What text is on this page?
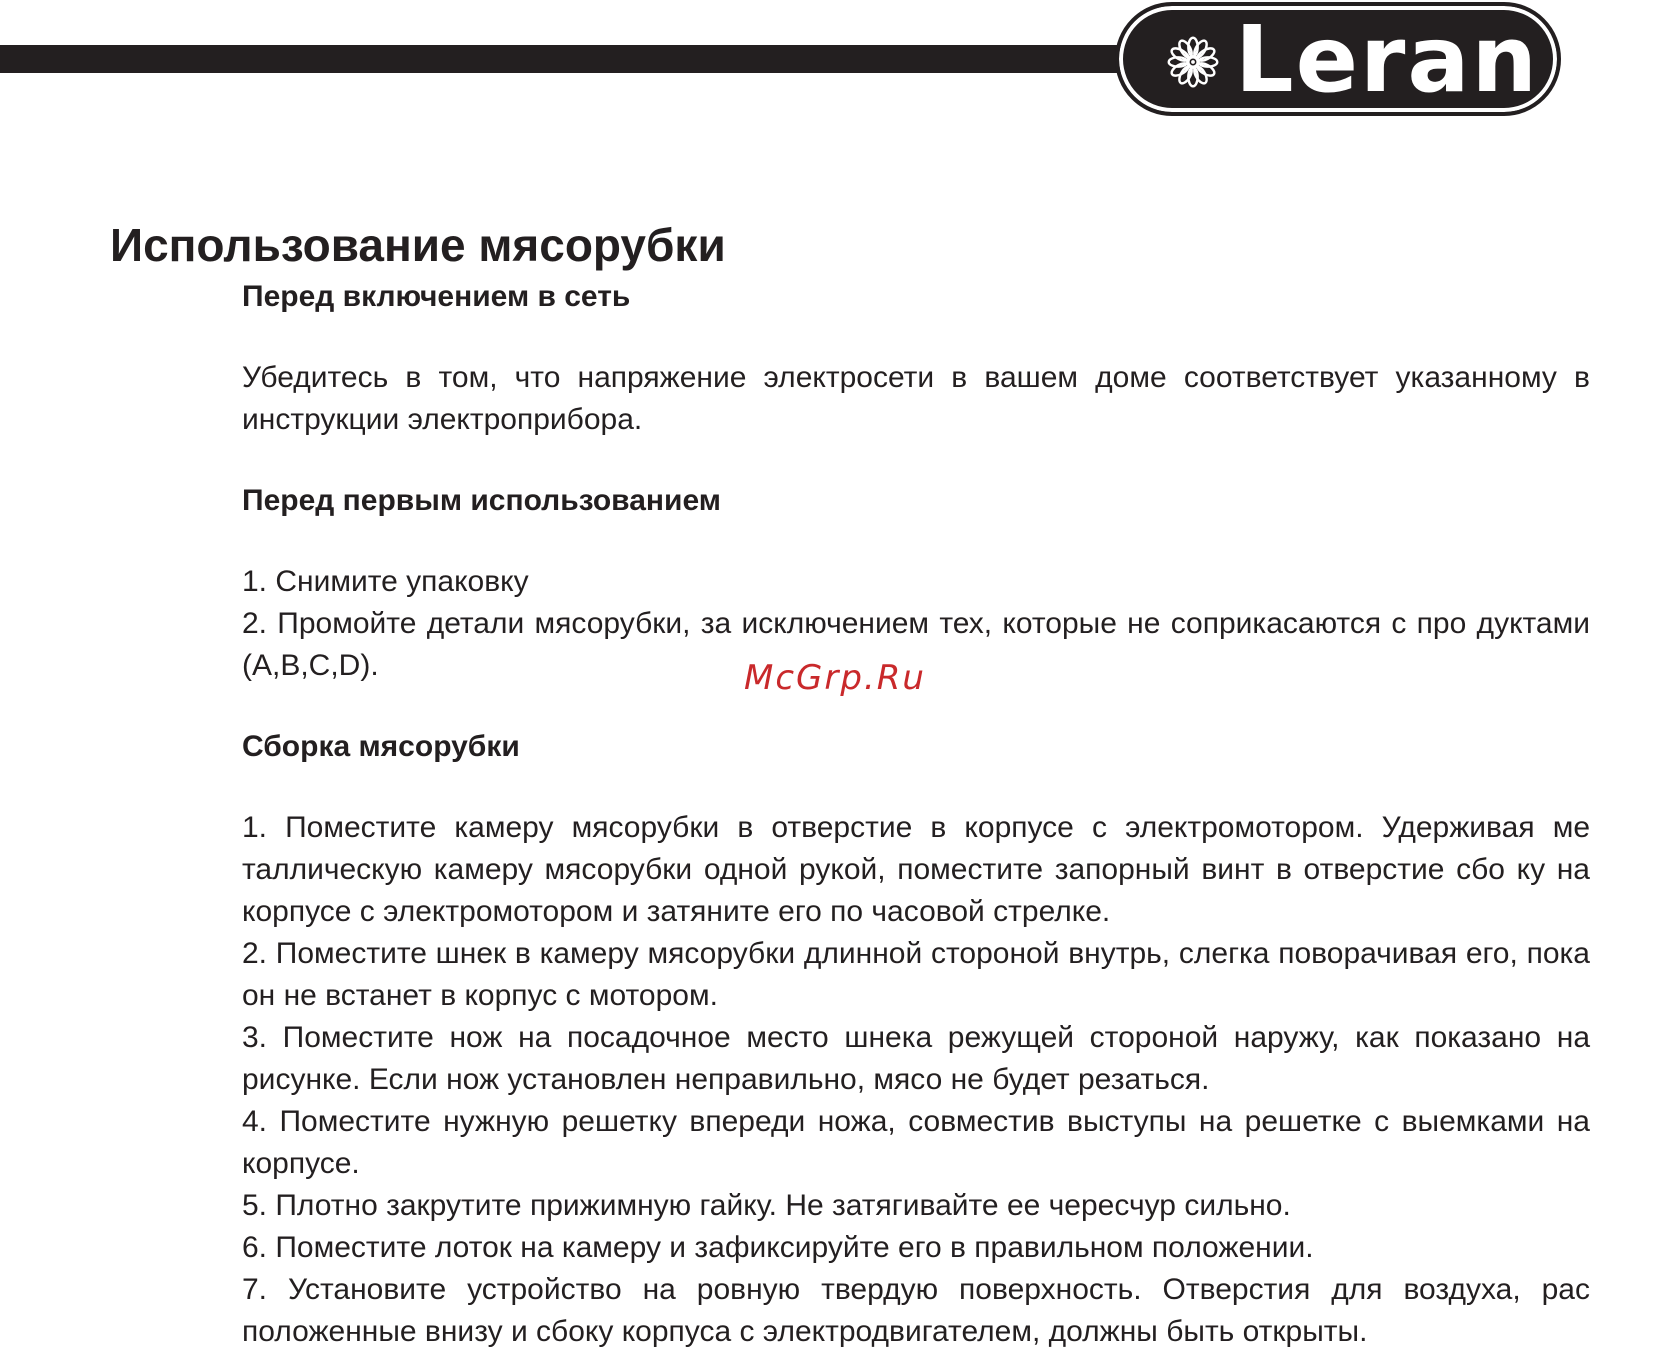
Leran
Использование мясорубки

Перед включением в сеть

Убедитесь в том, что напряжение электросети в вашем доме соответствует указанному в инструкции электроприбора.

Перед первым использованием

1. Снимите упаковку

2. Промойте детали мясорубки, за исключением тех, которые не соприкасаются с про дуктами (A,B,C,D).

Сборка мясорубки

1. Поместите камеру мясорубки в отверстие в корпусе с электромотором. Удерживая ме таллическую камеру мясорубки одной рукой, поместите запорный винт в отверстие сбо ку на корпусе с электромотором и затяните его по часовой стрелке.

2. Поместите шнек в камеру мясорубки длинной стороной внутрь, слегка поворачивая его, пока он не встанет в корпус с мотором.

3. Поместите нож на посадочное место шнека режущей стороной наружу, как показано на рисунке. Если нож установлен неправильно, мясо не будет резаться.

4. Поместите нужную решетку впереди ножа, совместив выступы на решетке с выемками на корпусе.

5. Плотно закрутите прижимную гайку. Не затягивайте ее чересчур сильно.

6. Поместите лоток на камеру и зафиксируйте его в правильном положении.

7. Установите устройство на ровную твердую поверхность. Отверстия для воздуха, рас положенные внизу и сбоку корпуса с электродвигателем, должны быть открыты.

McGrp.Ru
